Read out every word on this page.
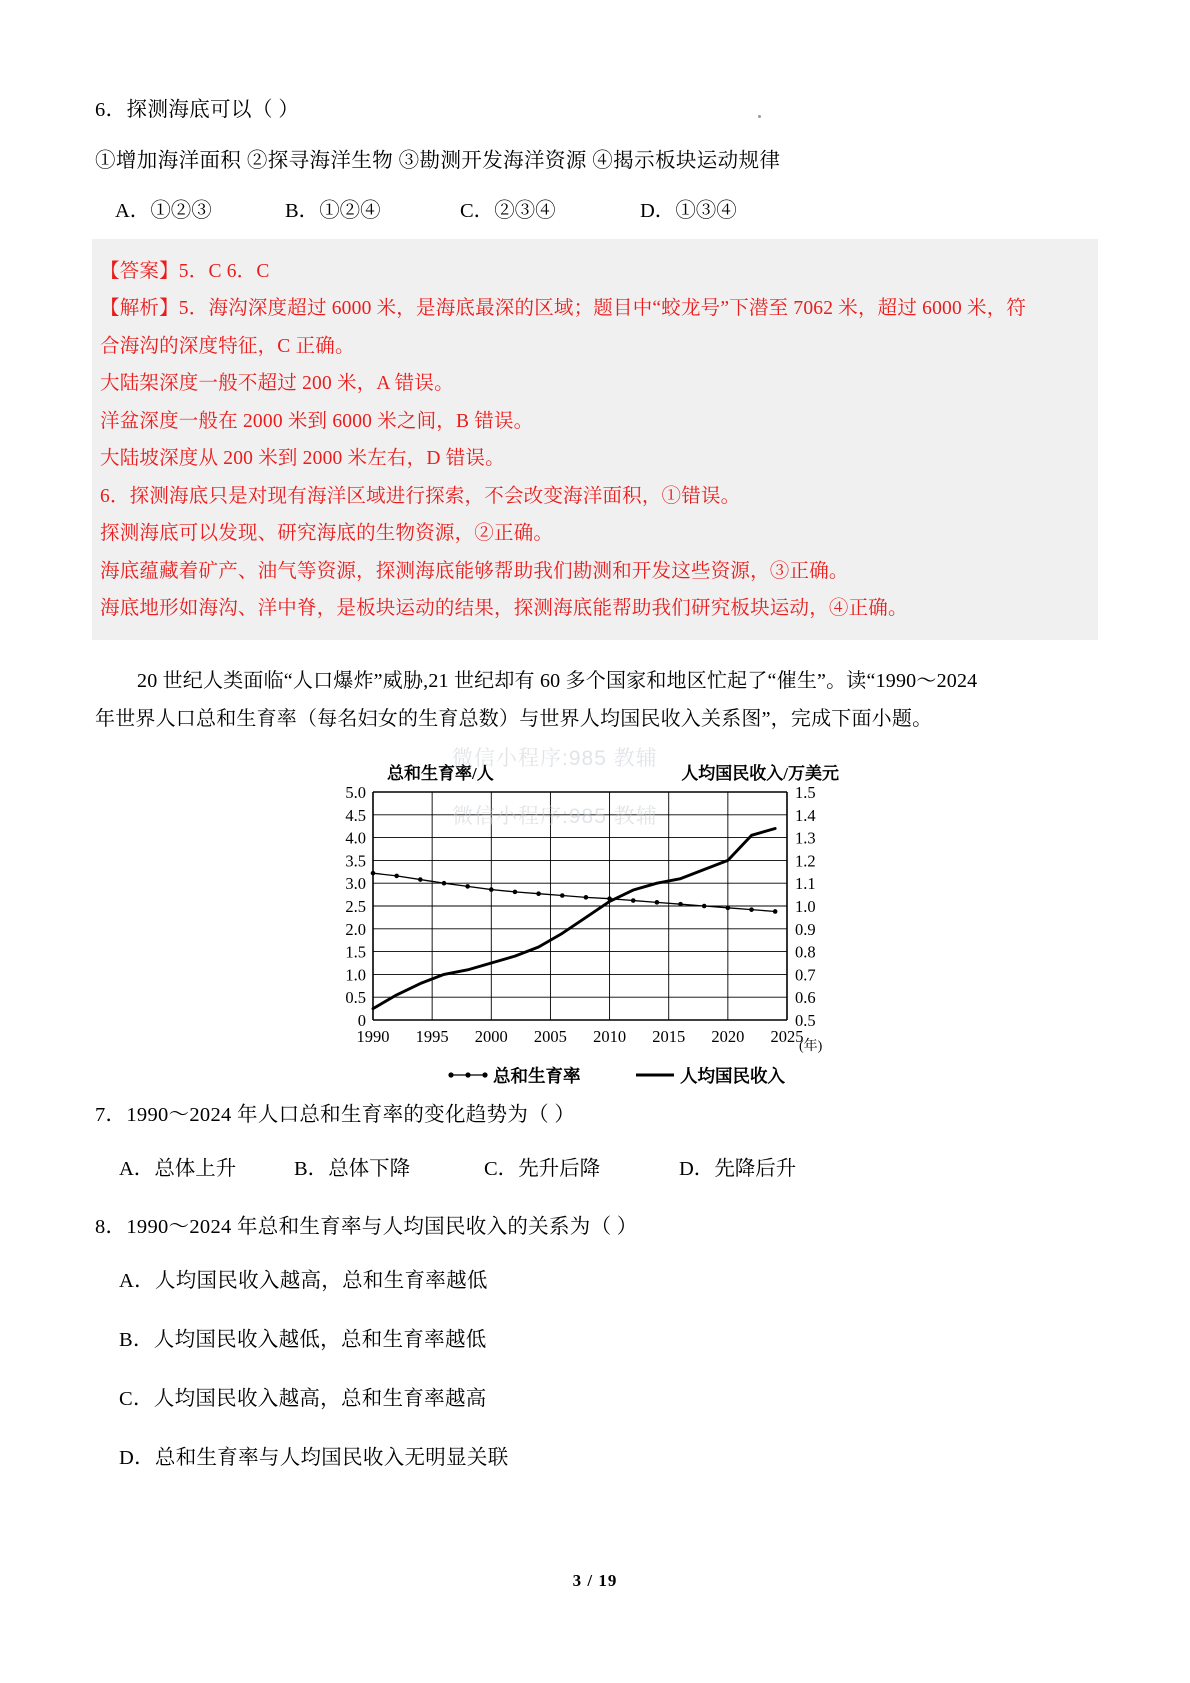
6．探测海底可以（ ）

①增加海洋面积 ②探寻海洋生物 ③勘测开发海洋资源 ④揭示板块运动规律

A．①②③	B．①②④	C．②③④	D．①③④

【答案】5．C 6．C

【解析】5．海沟深度超过 6000 米，是海底最深的区域；题目中“蛟龙号”下潜至 7062 米，超过 6000 米，符

合海沟的深度特征，C 正确。

大陆架深度一般不超过 200 米，A 错误。

洋盆深度一般在 2000 米到 6000 米之间，B 错误。

大陆坡深度从 200 米到 2000 米左右，D 错误。

6．探测海底只是对现有海洋区域进行探索，不会改变海洋面积，①错误。

探测海底可以发现、研究海底的生物资源，②正确。

海底蕴藏着矿产、油气等资源，探测海底能够帮助我们勘测和开发这些资源，③正确。

海底地形如海沟、洋中脊，是板块运动的结果，探测海底能帮助我们研究板块运动，④正确。

20 世纪人类面临“人口爆炸”威胁,21 世纪却有 60 多个国家和地区忙起了“催生”。读“1990～2024
年世界人口总和生育率（每名妇女的生育总数）与世界人均国民收入关系图”，完成下面小题。
总和生育率/人	人均国民收入/万美元
0
0.5
1.0
1.5
2.0
2.5
3.0
3.5
4.0
4.5
5.0
0.5
0.6
0.7
0.8
0.9
1.0
1.1
1.2
1.3
1.4
1.5
1990 1995 2000 2005 2010 2015 2020 2025
(年)
总和生育率	人均国民收入

7．1990～2024 年人口总和生育率的变化趋势为（ ）

A．总体上升	B．总体下降	C．先升后降	D．先降后升

8．1990～2024 年总和生育率与人均国民收入的关系为（ ）

A．人均国民收入越高，总和生育率越低

B．人均国民收入越低，总和生育率越低

C．人均国民收入越高，总和生育率越高

D．总和生育率与人均国民收入无明显关联

微信小程序:985 教辅
微信小程序:985 教辅
3 / 19
